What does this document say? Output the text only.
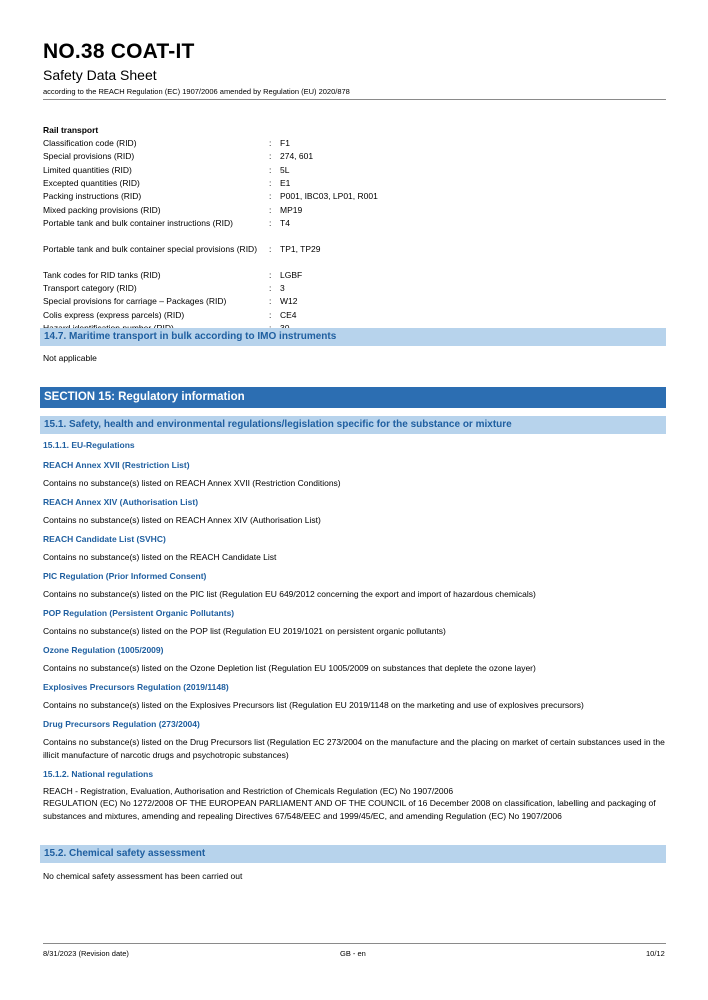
NO.38 COAT-IT
Safety Data Sheet
according to the REACH Regulation (EC) 1907/2006 amended by Regulation (EU) 2020/878
Rail transport
Classification code (RID)	: F1
Special provisions (RID)	: 274, 601
Limited quantities (RID)	: 5L
Excepted quantities (RID)	: E1
Packing instructions (RID)	: P001, IBC03, LP01, R001
Mixed packing provisions (RID)	: MP19
Portable tank and bulk container instructions (RID)	: T4
Portable tank and bulk container special provisions (RID)	: TP1, TP29
Tank codes for RID tanks (RID)	: LGBF
Transport category (RID)	: 3
Special provisions for carriage – Packages (RID)	: W12
Colis express (express parcels) (RID)	: CE4
14.7. Maritime transport in bulk according to IMO instruments
Not applicable
SECTION 15: Regulatory information
15.1. Safety, health and environmental regulations/legislation specific for the substance or mixture
15.1.1. EU-Regulations
REACH Annex XVII (Restriction List)
Contains no substance(s) listed on REACH Annex XVII (Restriction Conditions)
REACH Annex XIV (Authorisation List)
Contains no substance(s) listed on REACH Annex XIV (Authorisation List)
REACH Candidate List (SVHC)
Contains no substance(s) listed on the REACH Candidate List
PIC Regulation (Prior Informed Consent)
Contains no substance(s) listed on the PIC list (Regulation EU 649/2012 concerning the export and import of hazardous chemicals)
POP Regulation (Persistent Organic Pollutants)
Contains no substance(s) listed on the POP list (Regulation EU 2019/1021 on persistent organic pollutants)
Ozone Regulation (1005/2009)
Contains no substance(s) listed on the Ozone Depletion list (Regulation EU 1005/2009 on substances that deplete the ozone layer)
Explosives Precursors Regulation (2019/1148)
Contains no substance(s) listed on the Explosives Precursors list (Regulation EU 2019/1148 on the marketing and use of explosives precursors)
Drug Precursors Regulation (273/2004)
Contains no substance(s) listed on the Drug Precursors list (Regulation EC 273/2004 on the manufacture and the placing on market of certain substances used in the illicit manufacture of narcotic drugs and psychotropic substances)
15.1.2. National regulations
REACH - Registration, Evaluation, Authorisation and Restriction of Chemicals Regulation (EC) No 1907/2006
REGULATION (EC) No 1272/2008 OF THE EUROPEAN PARLIAMENT AND OF THE COUNCIL of 16 December 2008 on classification, labelling and packaging of substances and mixtures, amending and repealing Directives 67/548/EEC and 1999/45/EC, and amending Regulation (EC) No 1907/2006
15.2. Chemical safety assessment
No chemical safety assessment has been carried out
8/31/2023 (Revision date)	GB - en	10/12
